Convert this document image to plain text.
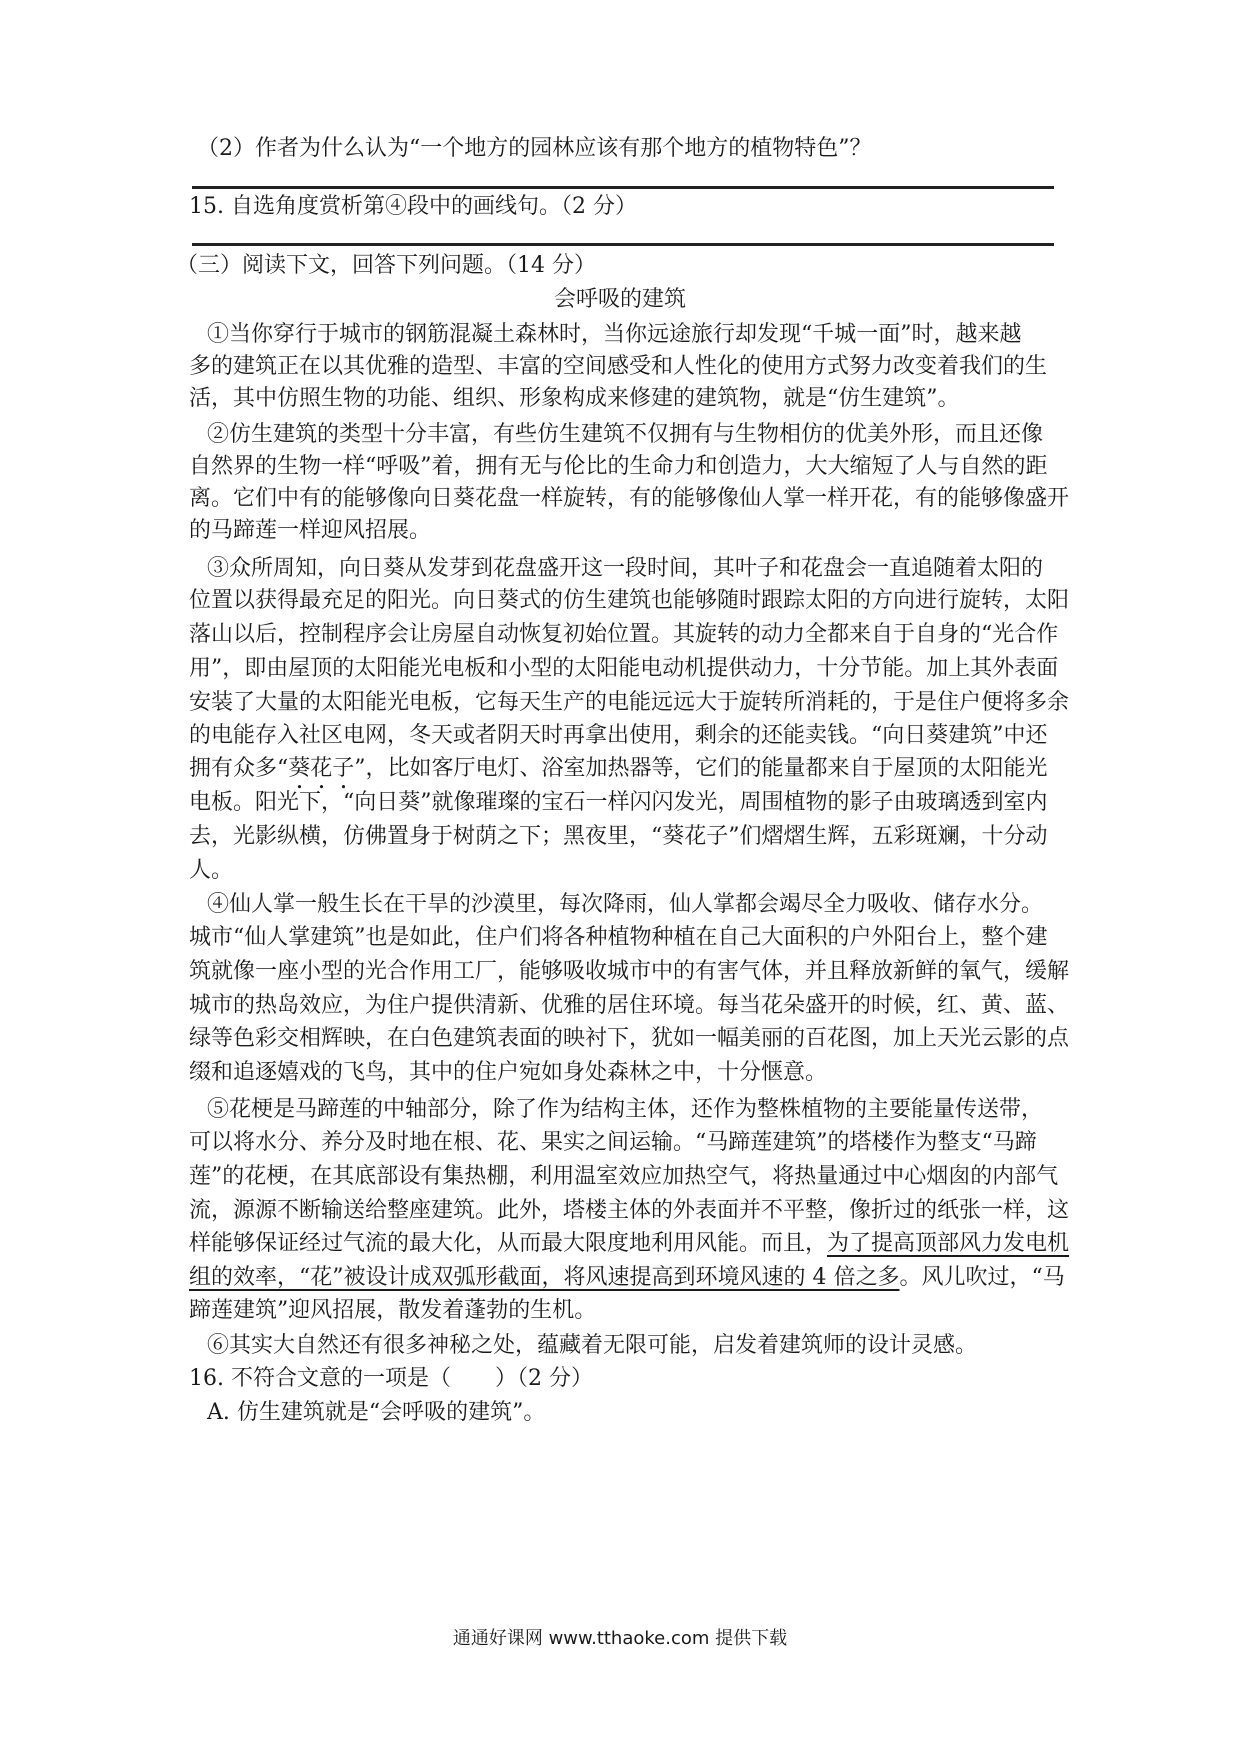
（2）作者为什么认为“一个地方的园林应该有那个地方的植物特色”？
15. 自选角度赏析第④段中的画线句。（2 分）
（三）阅读下文，回答下列问题。（14 分）
会呼吸的建筑
①当你穿行于城市的钢筋混凝土森林时，当你远途旅行却发现“千城一面”时，越来越
多的建筑正在以其优雅的造型、丰富的空间感受和人性化的使用方式努力改变着我们的生
活，其中仿照生物的功能、组织、形象构成来修建的建筑物，就是“仿生建筑”。
②仿生建筑的类型十分丰富，有些仿生建筑不仅拥有与生物相仿的优美外形，而且还像
自然界的生物一样“呼吸”着，拥有无与伦比的生命力和创造力，大大缩短了人与自然的距
离。它们中有的能够像向日葵花盘一样旋转，有的能够像仙人掌一样开花，有的能够像盛开
的马蹄莲一样迎风招展。
③众所周知，向日葵从发芽到花盘盛开这一段时间，其叶子和花盘会一直追随着太阳的
位置以获得最充足的阳光。向日葵式的仿生建筑也能够随时跟踪太阳的方向进行旋转，太阳
落山以后，控制程序会让房屋自动恢复初始位置。其旋转的动力全都来自于自身的“光合作
用”，即由屋顶的太阳能光电板和小型的太阳能电动机提供动力，十分节能。加上其外表面
安装了大量的太阳能光电板，它每天生产的电能远远大于旋转所消耗的，于是住户便将多余
的电能存入社区电网，冬天或者阴天时再拿出使用，剩余的还能卖钱。“向日葵建筑”中还
拥有众多“葵花子”，比如客厅电灯、浴室加热器等，它们的能量都来自于屋顶的太阳能光
电板。阳光下，“向日葵”就像璀璨的宝石一样闪闪发光，周围植物的影子由玻璃透到室内
去，光影纵横，仿佛置身于树荫之下；黑夜里，“葵花子”们熠熠生辉，五彩斑斓，十分动
人。
④仙人掌一般生长在干旱的沙漠里，每次降雨，仙人掌都会竭尽全力吸收、储存水分。
城市“仙人掌建筑”也是如此，住户们将各种植物种植在自己大面积的户外阳台上，整个建
筑就像一座小型的光合作用工厂，能够吸收城市中的有害气体，并且释放新鲜的氧气，缓解
城市的热岛效应，为住户提供清新、优雅的居住环境。每当花朵盛开的时候，红、黄、蓝、
绿等色彩交相辉映，在白色建筑表面的映衬下，犹如一幅美丽的百花图，加上天光云影的点
缀和追逐嬉戏的飞鸟，其中的住户宛如身处森林之中，十分惬意。
⑤花梗是马蹄莲的中轴部分，除了作为结构主体，还作为整株植物的主要能量传送带，
可以将水分、养分及时地在根、花、果实之间运输。“马蹄莲建筑”的塔楼作为整支“马蹄
莲”的花梗，在其底部设有集热棚，利用温室效应加热空气，将热量通过中心烟囱的内部气
流，源源不断输送给整座建筑。此外，塔楼主体的外表面并不平整，像折过的纸张一样，这
样能够保证经过气流的最大化，从而最大限度地利用风能。而且，为了提高顶部风力发电机
组的效率，“花”被设计成双弧形截面，将风速提高到环境风速的 4 倍之多。风儿吹过，“马
蹄莲建筑”迎风招展，散发着蓬勃的生机。
⑥其实大自然还有很多神秘之处，蕴藏着无限可能，启发着建筑师的设计灵感。
16. 不符合文意的一项是（　　）（2 分）
A. 仿生建筑就是“会呼吸的建筑”。
通通好课网 www.tthaoke.com 提供下载
